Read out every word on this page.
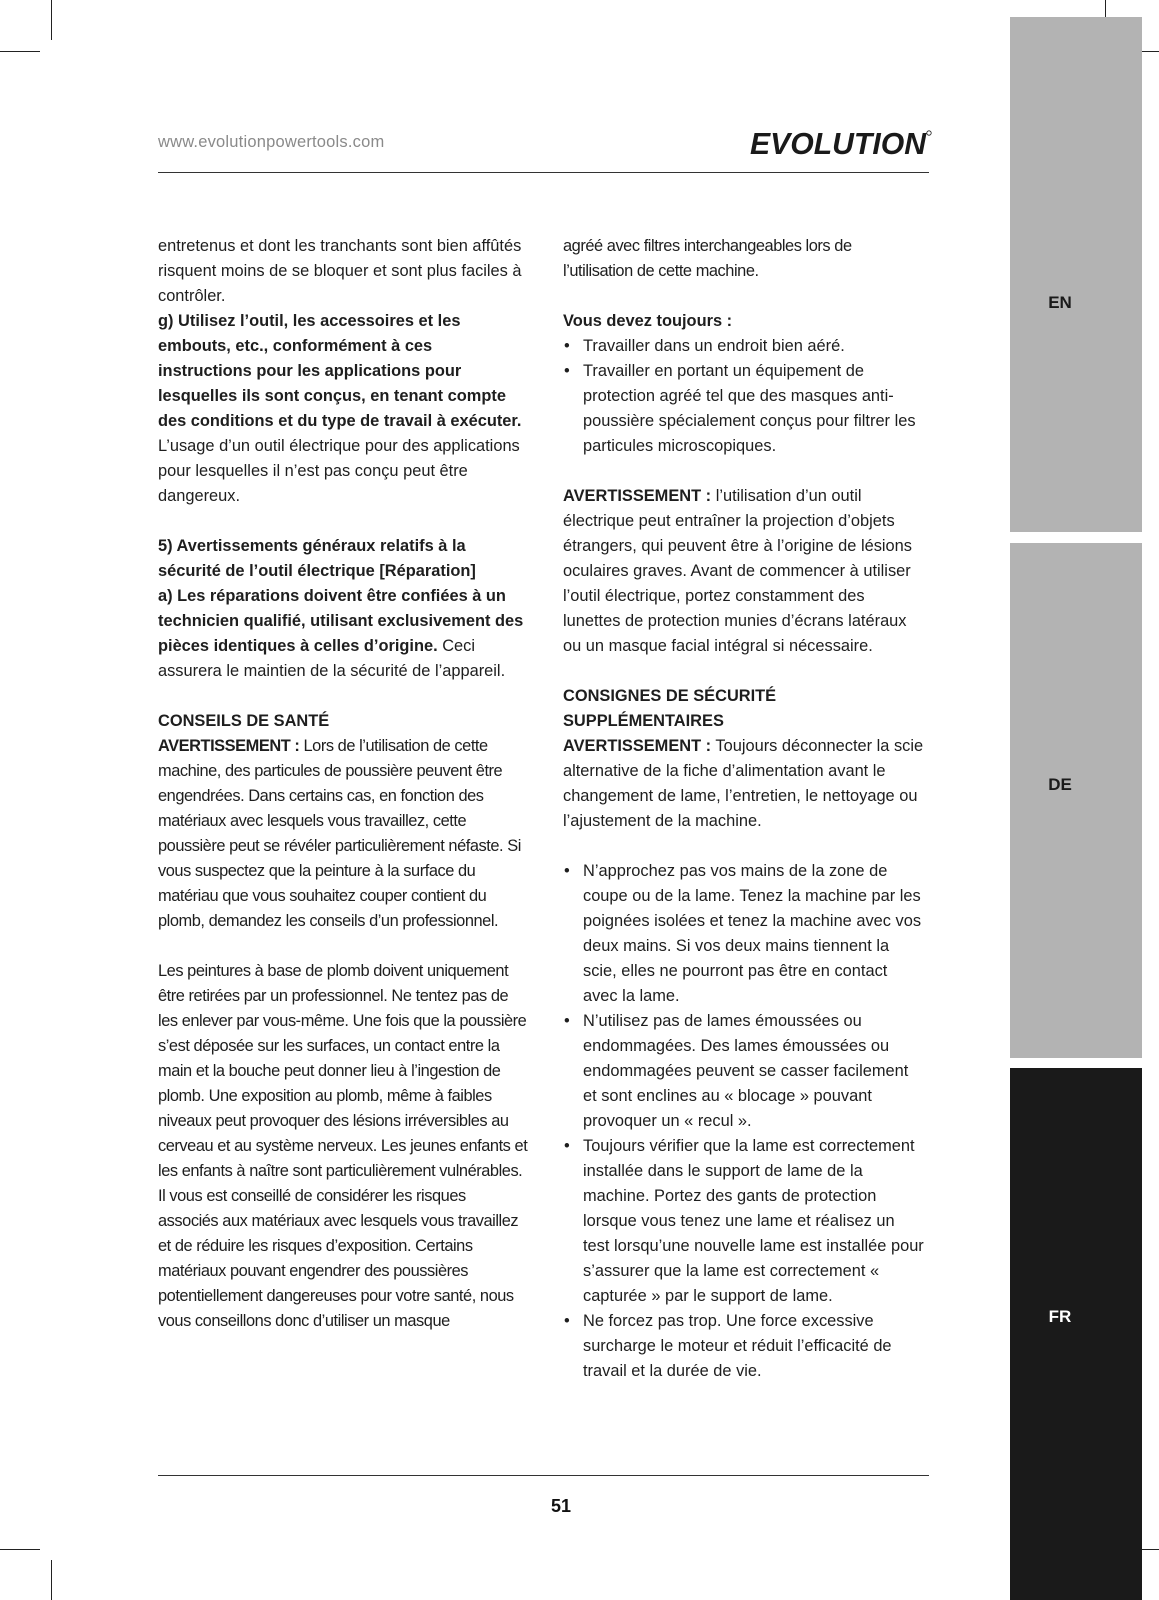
EN
DE
FR
www.evolutionpowertools.com	EVOLUTION

entretenus et dont les tranchants sont bien affûtés risquent moins de se bloquer et sont plus faciles à contrôler.

g) Utilisez l’outil, les accessoires et les embouts, etc., conformément à ces instructions pour les applications pour lesquelles ils sont conçus, en tenant compte des conditions et du type de travail à exécuter. L’usage d’un outil électrique pour des applications pour lesquelles il n’est pas conçu peut être dangereux.

5) Avertissements généraux relatifs à la sécurité de l’outil électrique [Réparation]

a) Les réparations doivent être confiées à un technicien qualifié, utilisant exclusivement des pièces identiques à celles d’origine. Ceci assurera le maintien de la sécurité de l’appareil.

CONSEILS DE SANTÉ

AVERTISSEMENT : Lors de l’utilisation de cette machine, des particules de poussière peuvent être engendrées. Dans certains cas, en fonction des matériaux avec lesquels vous travaillez, cette poussière peut se révéler particulièrement néfaste. Si vous suspectez que la peinture à la surface du matériau que vous souhaitez couper contient du plomb, demandez les conseils d’un professionnel.

Les peintures à base de plomb doivent uniquement être retirées par un professionnel. Ne tentez pas de les enlever par vous-même. Une fois que la poussière s’est déposée sur les surfaces, un contact entre la main et la bouche peut donner lieu à l’ingestion de plomb. Une exposition au plomb, même à faibles niveaux peut provoquer des lésions irréversibles au cerveau et au système nerveux. Les jeunes enfants et les enfants à naître sont particulièrement vulnérables. Il vous est conseillé de considérer les risques associés aux matériaux avec lesquels vous travaillez et de réduire les risques d’exposition. Certains matériaux pouvant engendrer des poussières potentiellement dangereuses pour votre santé, nous vous conseillons donc d’utiliser un masque

agréé avec filtres interchangeables lors de l’utilisation de cette machine.

Vous devez toujours :

• Travailler dans un endroit bien aéré.
• Travailler en portant un équipement de protection agréé tel que des masques anti-poussière spécialement conçus pour filtrer les particules microscopiques.

AVERTISSEMENT : l’utilisation d’un outil électrique peut entraîner la projection d’objets étrangers, qui peuvent être à l’origine de lésions oculaires graves. Avant de commencer à utiliser l’outil électrique, portez constamment des lunettes de protection munies d’écrans latéraux ou un masque facial intégral si nécessaire.

CONSIGNES DE SÉCURITÉ SUPPLÉMENTAIRES

AVERTISSEMENT : Toujours déconnecter la scie alternative de la fiche d’alimentation avant le changement de lame, l’entretien, le nettoyage ou l’ajustement de la machine.

• N’approchez pas vos mains de la zone de coupe ou de la lame. Tenez la machine par les poignées isolées et tenez la machine avec vos deux mains. Si vos deux mains tiennent la scie, elles ne pourront pas être en contact avec la lame.
• N’utilisez pas de lames émoussées ou endommagées. Des lames émoussées ou endommagées peuvent se casser facilement et sont enclines au « blocage » pouvant provoquer un « recul ».
• Toujours vérifier que la lame est correctement installée dans le support de lame de la machine. Portez des gants de protection lorsque vous tenez une lame et réalisez un test lorsqu’une nouvelle lame est installée pour s’assurer que la lame est correctement « capturée » par le support de lame.
• Ne forcez pas trop. Une force excessive surcharge le moteur et réduit l’efficacité de travail et la durée de vie.
51
